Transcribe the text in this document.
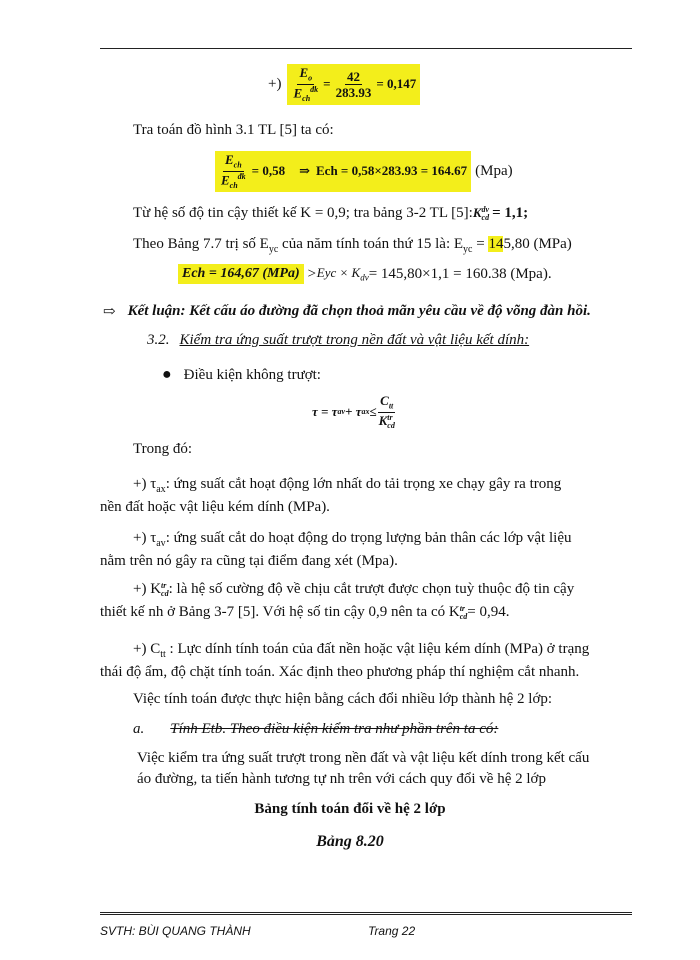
+) $\frac{E_o}{E_{ch}^{đk}} = \frac{42}{283.93} = 0,147$

Tra toán đồ hình 3.1 TL [5] ta có:

$\frac{E_{ch}}{E_{ch}^{đk}} = 0,58$ ⇒ Ech = 0,58×283.93 = 164.67 (Mpa)
Từ hệ số độ tin cậy thiết kế K = 0,9; tra bảng 3-2 TL [5]: K dv
cd = 1,1;
Theo Bảng 7.7 trị số $E_{yc}$ của năm tính toán thứ 15 là: $E_{yc} = 145,80$ (MPa)
Ech = 164,67 (MPa) > Eyc × $K_{dv} = 145,80\times 1,1 = 160.38$ (Mpa).
⇨ Kết luận: Kết cấu áo đường đã chọn thoả mãn yêu cầu về độ võng đàn hồi.
3.2. Kiểm tra ứng suất trượt trong nền đất và vật liệu kết dính:
● Điều kiện không trượt:
τ = τ av + τ ax ≤ $C_{tt}$
K tr
cd

Trong đó:

+) $\tau_{ax}$: ứng suất cắt hoạt động lớn nhất do tải trọng xe chạy gây ra trong
nền đất hoặc vật liệu kém dính (MPa).
+) $\tau_{av}$: ứng suất cắt do hoạt động do trọng lượng bản thân các lớp vật liệu
nằm trên nó gây ra cũng tại điểm đang xét (Mpa).
+) K tr
cd : là hệ số cường độ về chịu cắt trượt được chọn tuỳ thuộc độ tin cậy
thiết kế nh ở Bảng 3-7 [5]. Với hệ số tin cậy 0,9 nên ta có K tr
cd = 0,94.
+) $C_{tt}$ : Lực dính tính toán của đất nền hoặc vật liệu kém dính (MPa) ở trạng
thái độ ẩm, độ chặt tính toán. Xác định theo phương pháp thí nghiệm cắt nhanh.

Việc tính toán được thực hiện bằng cách đổi nhiều lớp thành hệ 2 lớp:

a. Tính Etb. Theo điều kiện kiểm tra như phần trên ta có:
Việc kiểm tra ứng suất trượt trong nền đất và vật liệu kết dính trong kết cấu
áo đường, ta tiến hành tương tự nh trên với cách quy đổi về hệ 2 lớp

Bảng tính toán đổi về hệ 2 lớp

Bảng 8.20

SVTH: BÙI QUANG THÀNH	Trang 22
